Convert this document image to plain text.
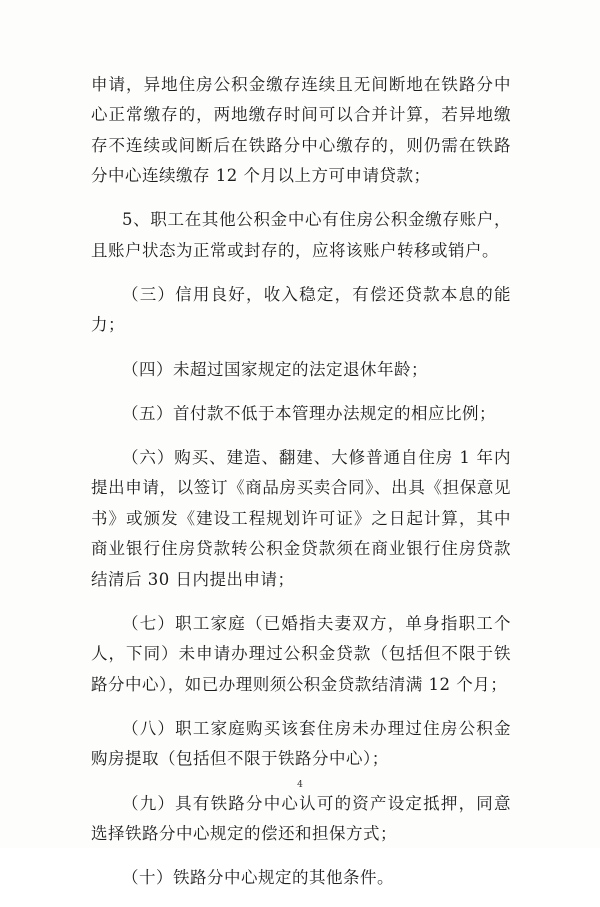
申请，异地住房公积金缴存连续且无间断地在铁路分中心正常缴存的，两地缴存时间可以合并计算，若异地缴存不连续或间断后在铁路分中心缴存的，则仍需在铁路分中心连续缴存 12 个月以上方可申请贷款；

5、职工在其他公积金中心有住房公积金缴存账户，且账户状态为正常或封存的，应将该账户转移或销户。

（三）信用良好，收入稳定，有偿还贷款本息的能力；

（四）未超过国家规定的法定退休年龄；

（五）首付款不低于本管理办法规定的相应比例；

（六）购买、建造、翻建、大修普通自住房 1 年内提出申请，以签订《商品房买卖合同》、出具《担保意见书》或颁发《建设工程规划许可证》之日起计算，其中商业银行住房贷款转公积金贷款须在商业银行住房贷款结清后 30 日内提出申请；

（七）职工家庭（已婚指夫妻双方，单身指职工个人，下同）未申请办理过公积金贷款（包括但不限于铁路分中心），如已办理则须公积金贷款结清满 12 个月；

（八）职工家庭购买该套住房未办理过住房公积金购房提取（包括但不限于铁路分中心）；

（九）具有铁路分中心认可的资产设定抵押，同意选择铁路分中心规定的偿还和担保方式；

（十）铁路分中心规定的其他条件。

4
